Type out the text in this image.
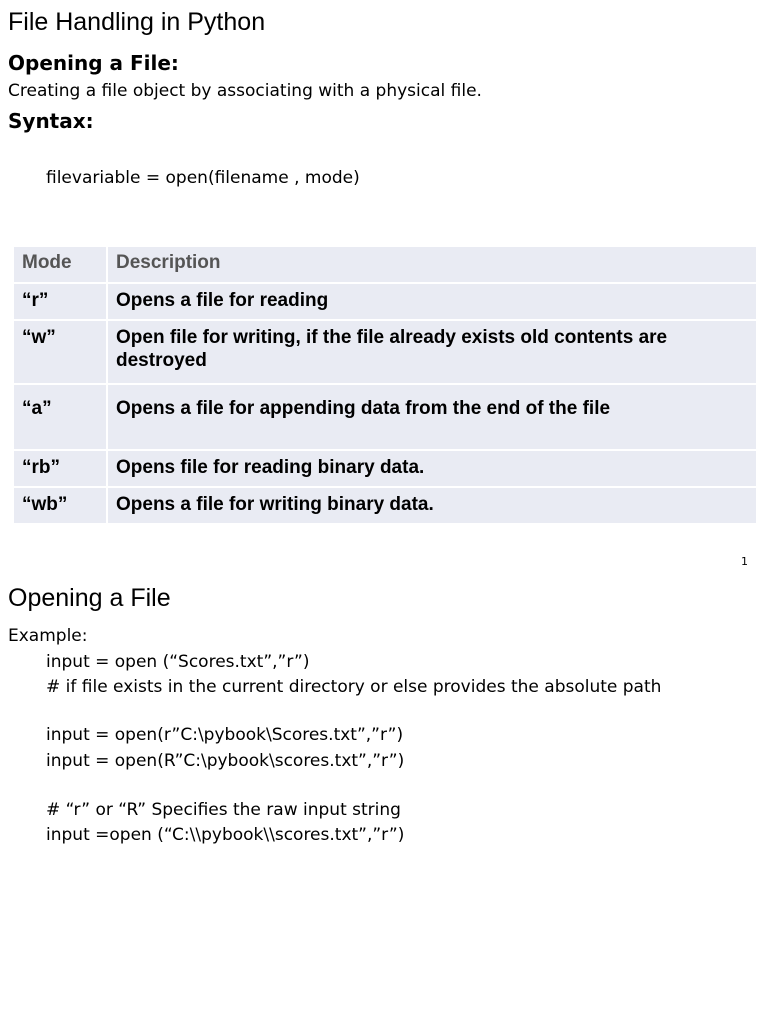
File Handling in Python
Opening a File:
Creating a file object by associating with a physical file.
Syntax:
filevariable = open(filename , mode)
Mode	Description
“r”	Opens a file for reading
“w”	Open file for writing, if the file already exists old contents are destroyed
“a”	Opens a file for appending data from the end of the file
“rb”	Opens file for reading binary data.
“wb”	Opens a file for writing binary data.
1
Opening a File
Example:
input = open (“Scores.txt”,”r”)
# if file exists in the current directory or else provides the absolute path
input = open(r”C:\pybook\Scores.txt”,”r”)
input = open(R”C:\pybook\scores.txt”,”r”)
# “r” or “R” Specifies the raw input string
input =open (“C:\\pybook\\scores.txt”,”r”)
